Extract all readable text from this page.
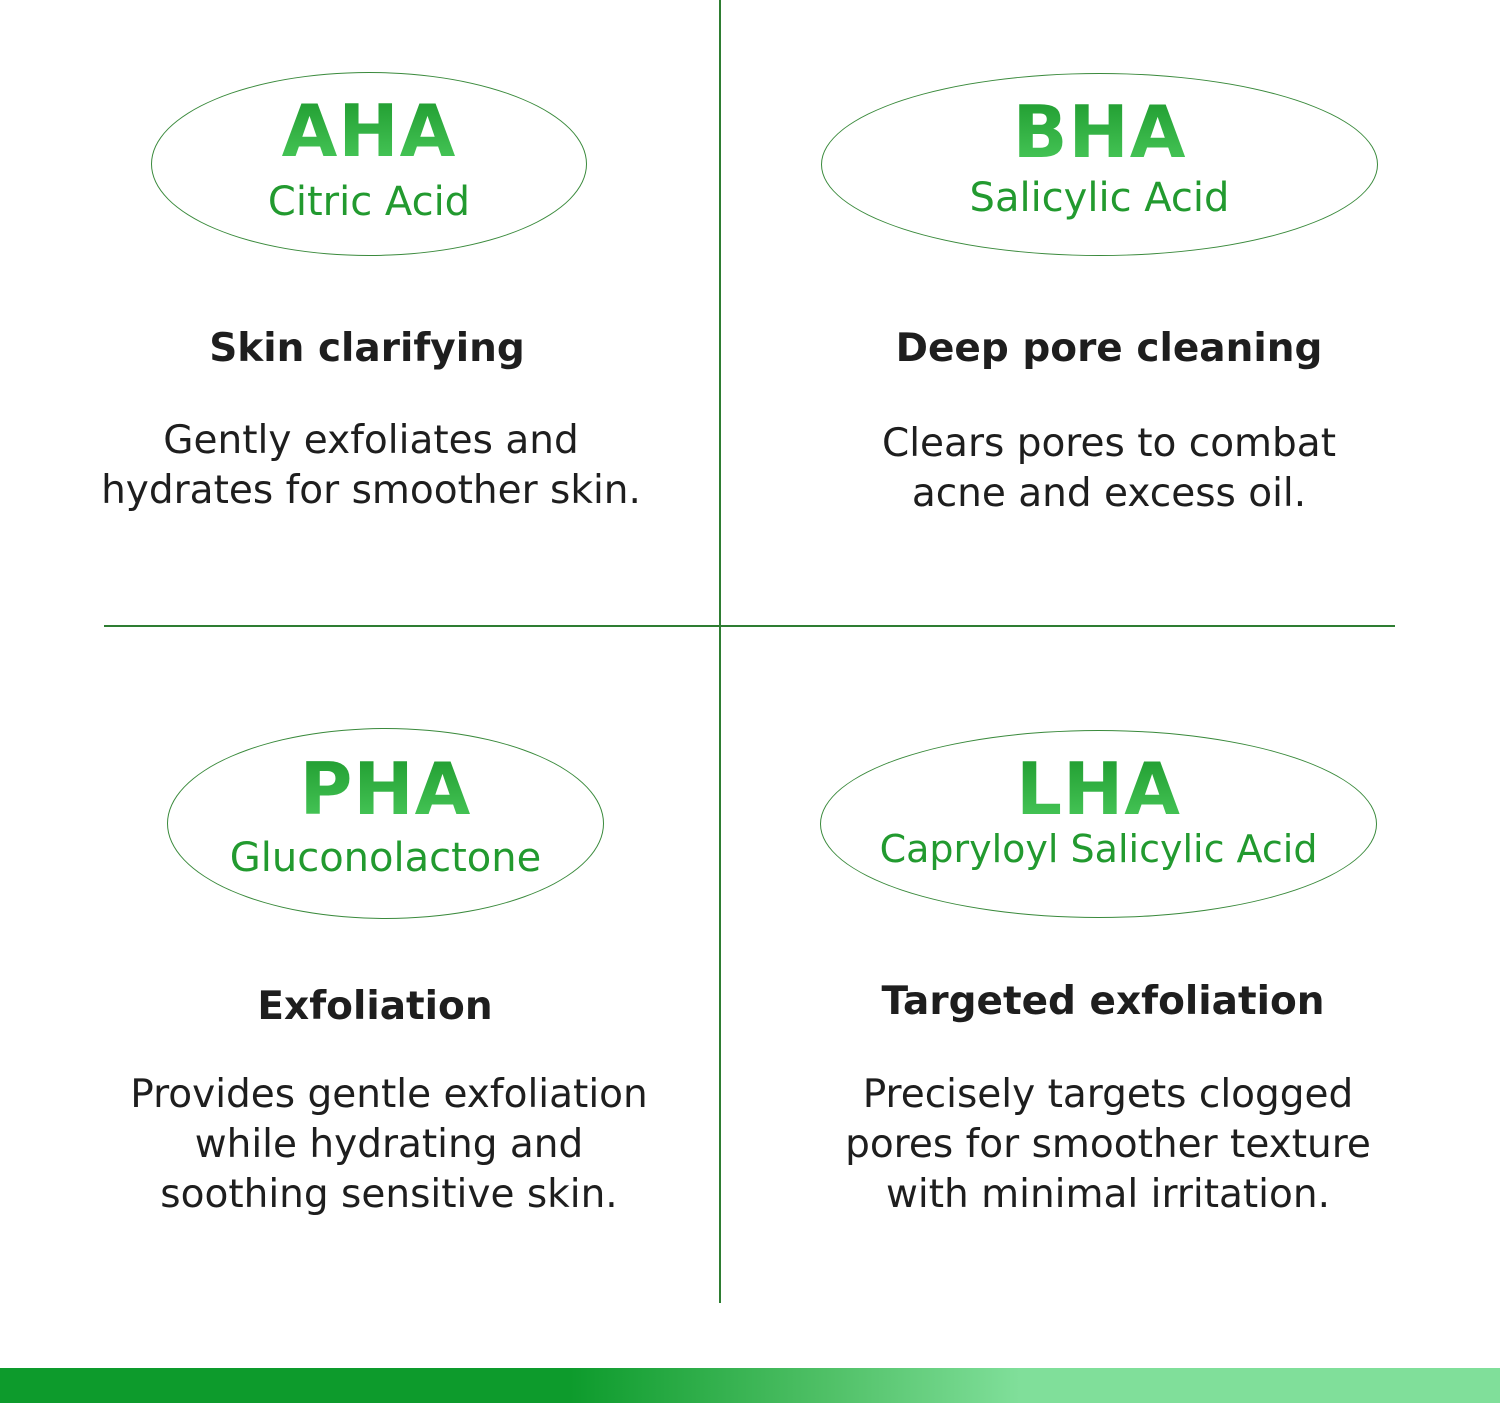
AHA
Citric Acid
Skin clarifying
Gently exfoliates and
hydrates for smoother skin.
BHA
Salicylic Acid
Deep pore cleaning
Clears pores to combat
acne and excess oil.
PHA
Gluconolactone
Exfoliation
Provides gentle exfoliation
while hydrating and
soothing sensitive skin.
LHA
Capryloyl Salicylic Acid
Targeted exfoliation
Precisely targets clogged
pores for smoother texture
with minimal irritation.
